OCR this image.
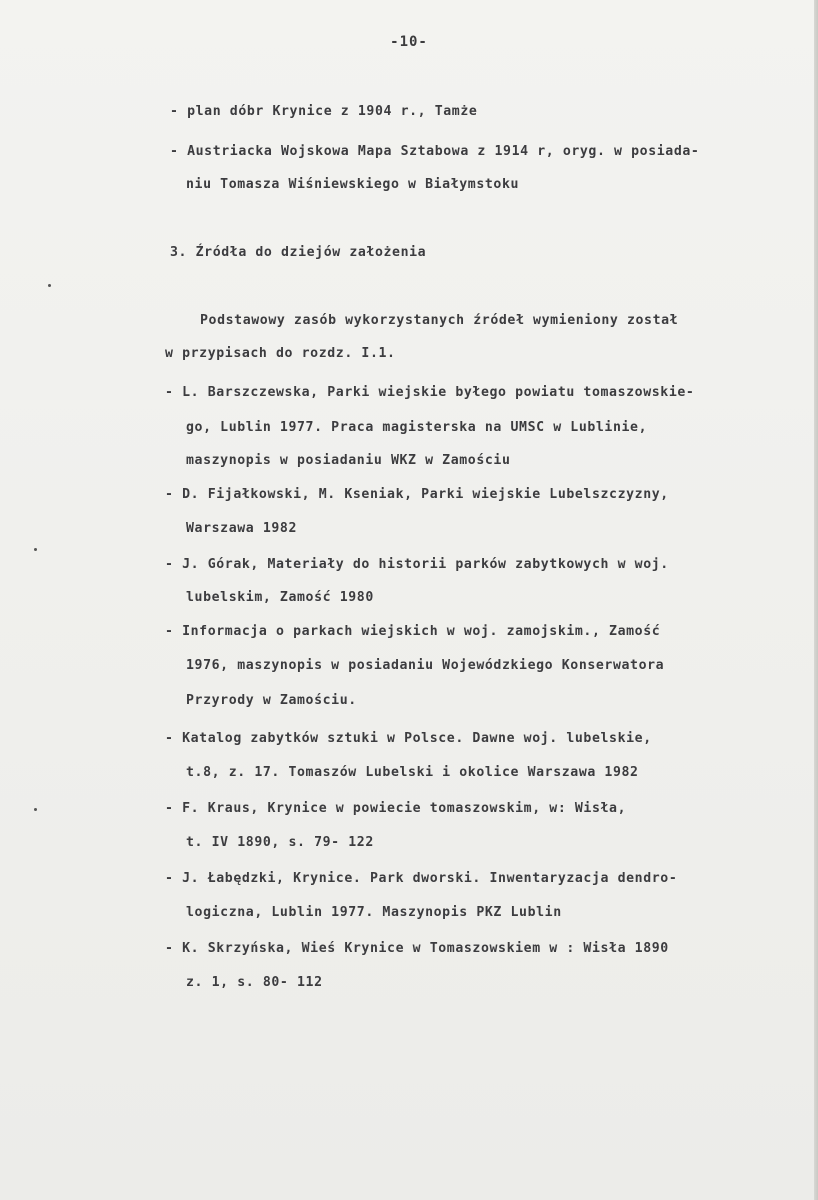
-10-
- plan dóbr Krynice z 1904 r., Tamże
- Austriacka Wojskowa Mapa Sztabowa z 1914 r, oryg. w posiada-
niu Tomasza Wiśniewskiego w Białymstoku
3. Źródła do dziejów założenia
Podstawowy zasób wykorzystanych źródeł wymieniony został
w przypisach do rozdz. I.1.
- L. Barszczewska, Parki wiejskie byłego powiatu tomaszowskie-
go, Lublin 1977. Praca magisterska na UMSC w Lublinie,
maszynopis w posiadaniu WKZ w Zamościu
- D. Fijałkowski, M. Kseniak, Parki wiejskie Lubelszczyzny,
Warszawa 1982
- J. Górak, Materiały do historii parków zabytkowych w woj.
lubelskim, Zamość 1980
- Informacja o parkach wiejskich w woj. zamojskim., Zamość
1976, maszynopis w posiadaniu Wojewódzkiego Konserwatora
Przyrody w Zamościu.
- Katalog zabytków sztuki w Polsce. Dawne woj. lubelskie,
t.8, z. 17. Tomaszów Lubelski i okolice Warszawa 1982
- F. Kraus, Krynice w powiecie tomaszowskim, w: Wisła,
t. IV 1890, s. 79- 122
- J. Łabędzki, Krynice. Park dworski. Inwentaryzacja dendro-
logiczna, Lublin 1977. Maszynopis PKZ Lublin
- K. Skrzyńska, Wieś Krynice w Tomaszowskiem w : Wisła 1890
z. 1, s. 80- 112
